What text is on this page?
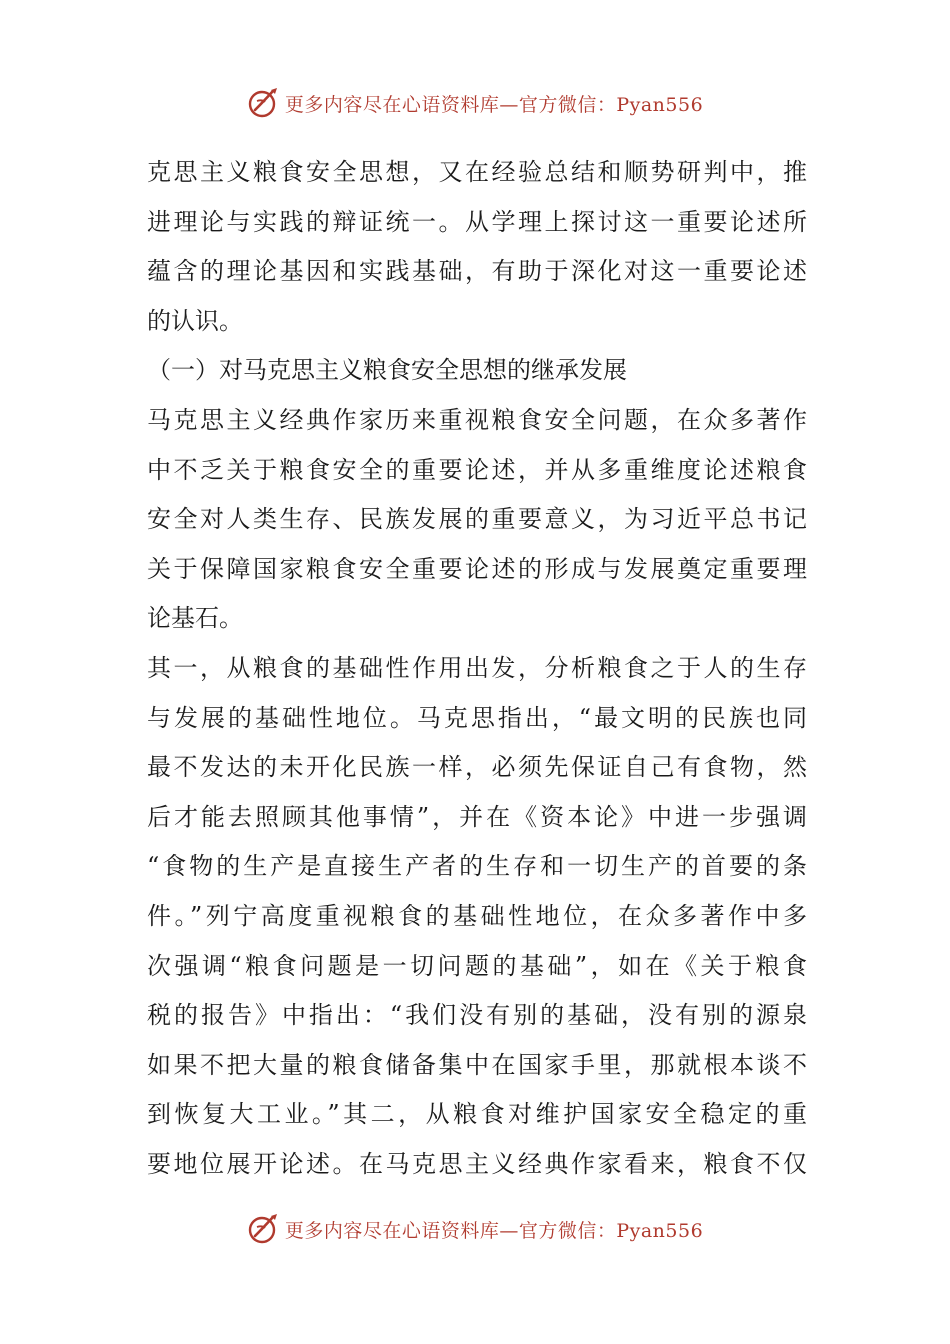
更多内容尽在心语资料库—官方微信：Pyan556
克思主义粮食安全思想，又在经验总结和顺势研判中，推
进理论与实践的辩证统一。从学理上探讨这一重要论述所
蕴含的理论基因和实践基础，有助于深化对这一重要论述
的认识。
（一）对马克思主义粮食安全思想的继承发展
马克思主义经典作家历来重视粮食安全问题，在众多著作
中不乏关于粮食安全的重要论述，并从多重维度论述粮食
安全对人类生存、民族发展的重要意义，为习近平总书记
关于保障国家粮食安全重要论述的形成与发展奠定重要理
论基石。
其一，从粮食的基础性作用出发，分析粮食之于人的生存
与发展的基础性地位。马克思指出，“最文明的民族也同
最不发达的未开化民族一样，必须先保证自己有食物，然
后才能去照顾其他事情”，并在《资本论》中进一步强调
“食物的生产是直接生产者的生存和一切生产的首要的条
件。”列宁高度重视粮食的基础性地位，在众多著作中多
次强调“粮食问题是一切问题的基础”，如在《关于粮食
税的报告》中指出：“我们没有别的基础，没有别的源泉
如果不把大量的粮食储备集中在国家手里，那就根本谈不
到恢复大工业。”其二，从粮食对维护国家安全稳定的重
要地位展开论述。在马克思主义经典作家看来，粮食不仅
更多内容尽在心语资料库—官方微信：Pyan556
